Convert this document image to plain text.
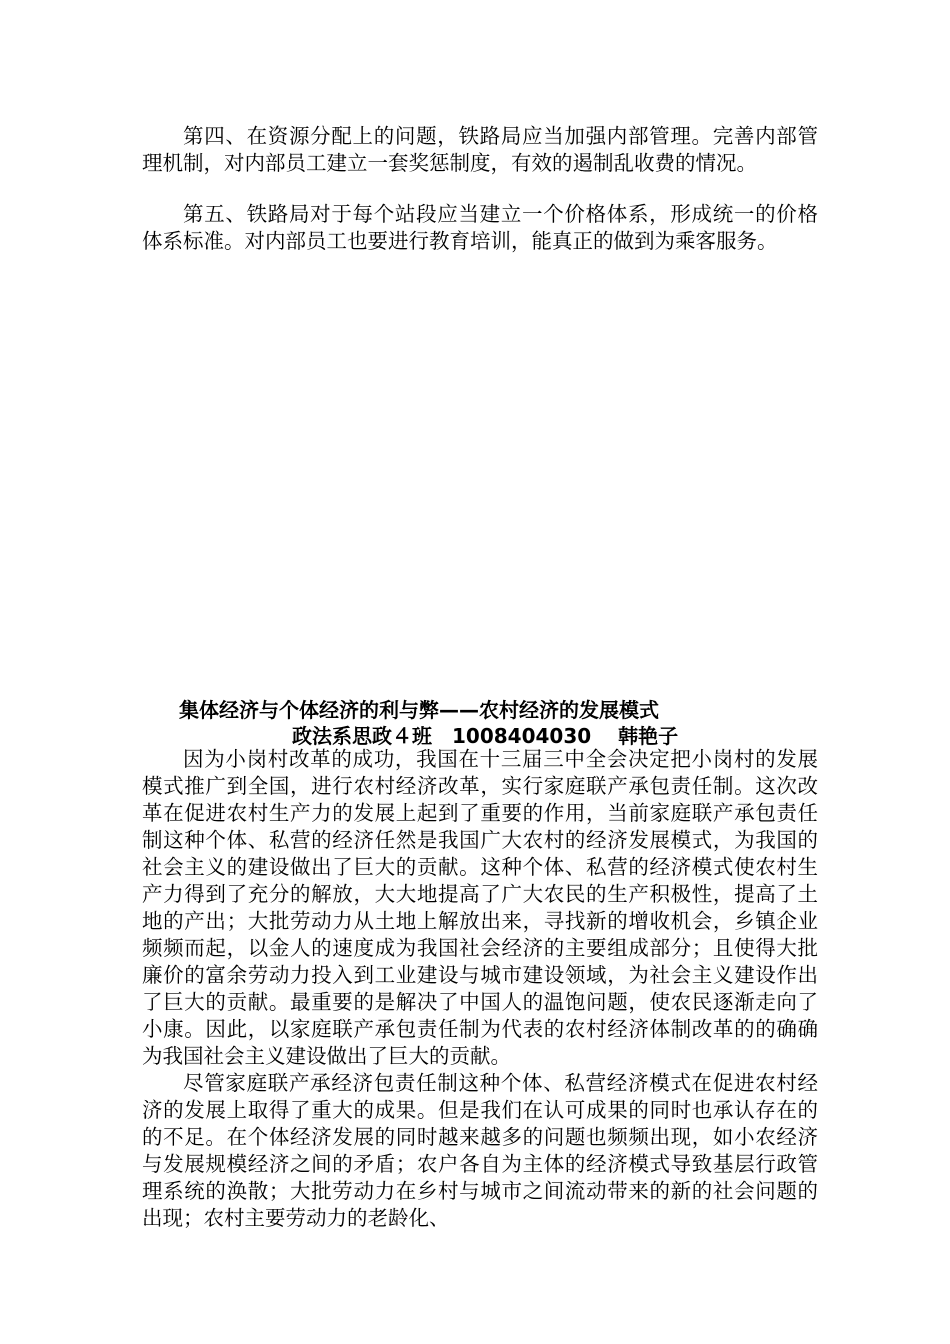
第四、在资源分配上的问题，铁路局应当加强内部管理。完善内部管理机制，对内部员工建立一套奖惩制度，有效的遏制乱收费的情况。

第五、铁路局对于每个站段应当建立一个价格体系，形成统一的价格体系标准。对内部员工也要进行教育培训，能真正的做到为乘客服务。

集体经济与个体经济的利与弊——农村经济的发展模式
政法系思政４班　1008404030　 韩艳子

因为小岗村改革的成功，我国在十三届三中全会决定把小岗村的发展模式推广到全国，进行农村经济改革，实行家庭联产承包责任制。这次改革在促进农村生产力的发展上起到了重要的作用，当前家庭联产承包责任制这种个体、私营的经济任然是我国广大农村的经济发展模式，为我国的社会主义的建设做出了巨大的贡献。这种个体、私营的经济模式使农村生产力得到了充分的解放，大大地提高了广大农民的生产积极性，提高了土地的产出；大批劳动力从土地上解放出来，寻找新的增收机会，乡镇企业频频而起，以金人的速度成为我国社会经济的主要组成部分；且使得大批廉价的富余劳动力投入到工业建设与城市建设领域，为社会主义建设作出了巨大的贡献。最重要的是解决了中国人的温饱问题，使农民逐渐走向了小康。因此，以家庭联产承包责任制为代表的农村经济体制改革的的确确为我国社会主义建设做出了巨大的贡献。

尽管家庭联产承经济包责任制这种个体、私营经济模式在促进农村经济的发展上取得了重大的成果。但是我们在认可成果的同时也承认存在的的不足。在个体经济发展的同时越来越多的问题也频频出现，如小农经济与发展规模经济之间的矛盾；农户各自为主体的经济模式导致基层行政管理系统的涣散；大批劳动力在乡村与城市之间流动带来的新的社会问题的出现；农村主要劳动力的老龄化、
